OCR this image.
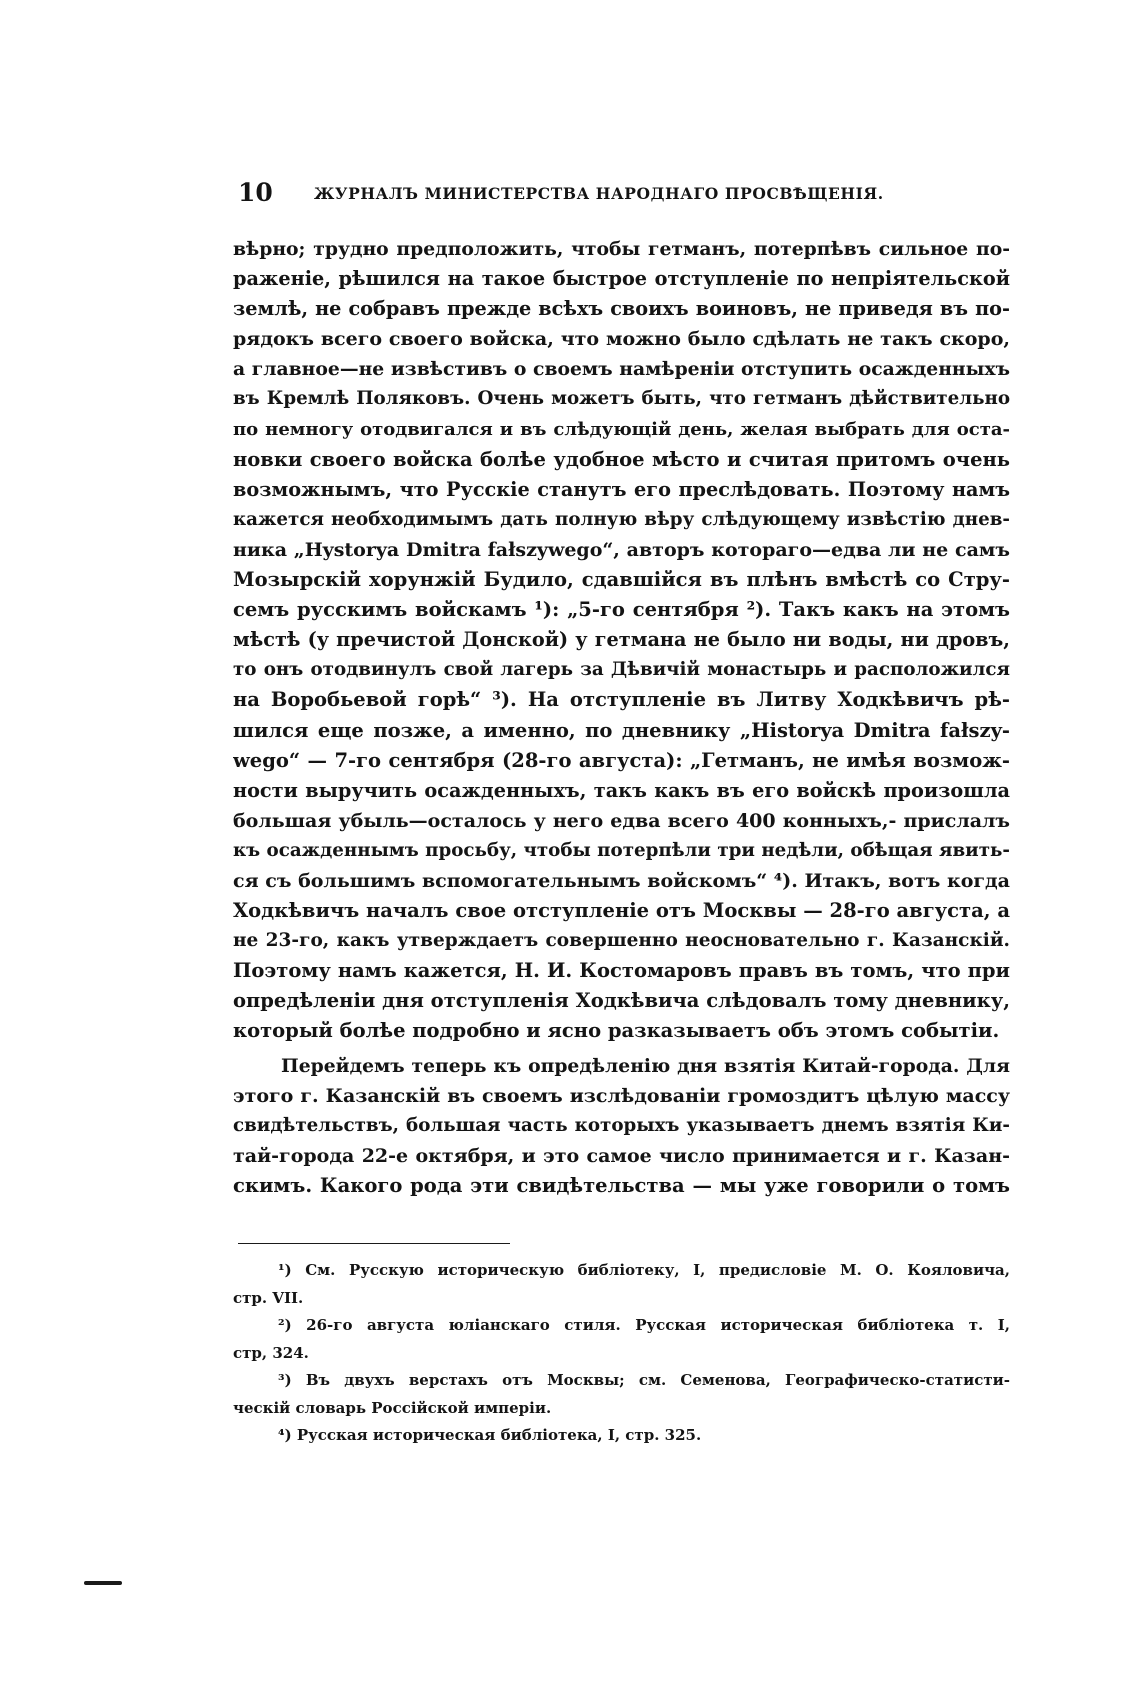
10	ЖУРНАЛЪ МИНИСТЕРСТВА НАРОДНАГО ПРОСВѢЩЕНІЯ.
вѣрно; трудно предположить, чтобы гетманъ, потерпѣвъ сильное по-
раженіе, рѣшился на такое быстрое отступленіе по непріятельской
землѣ, не собравъ прежде всѣхъ своихъ воиновъ, не приведя въ по-
рядокъ всего своего войска, что можно было сдѣлать не такъ скоро,
а главное—не извѣстивъ о своемъ намѣреніи отступить осажденныхъ
въ Кремлѣ Поляковъ. Очень можетъ быть, что гетманъ дѣйствительно
по немногу отодвигался и въ слѣдующій день, желая выбрать для оста-
новки своего войска болѣе удобное мѣсто и считая притомъ очень
возможнымъ, что Русскіе станутъ его преслѣдовать. Поэтому намъ
кажется необходимымъ дать полную вѣру слѣдующему извѣстію днев-
ника „Hystorya Dmitra fałszywego“, авторъ котораго—едва ли не самъ
Мозырскій хорунжій Будило, сдавшійся въ плѣнъ вмѣстѣ со Стру-
семъ русскимъ войскамъ ¹): „5-го сентября ²). Такъ какъ на этомъ
мѣстѣ (у пречистой Донской) у гетмана не было ни воды, ни дровъ,
то онъ отодвинулъ свой лагерь за Дѣвичій монастырь и расположился
на Воробьевой горѣ“ ³). На отступленіе въ Литву Ходкѣвичъ рѣ-
шился еще позже, а именно, по дневнику „Historya Dmitra fałszy-
wego“ — 7-го сентября (28-го августа): „Гетманъ, не имѣя возмож-
ности выручить осажденныхъ, такъ какъ въ его войскѣ произошла
большая убыль—осталось у него едва всего 400 конныхъ,- прислалъ
къ осажденнымъ просьбу, чтобы потерпѣли три недѣли, обѣщая явить-
ся съ большимъ вспомогательнымъ войскомъ“ ⁴). Итакъ, вотъ когда
Ходкѣвичъ началъ свое отступленіе отъ Москвы — 28-го августа, а
не 23-го, какъ утверждаетъ совершенно неосновательно г. Казанскій.
Поэтому намъ кажется, Н. И. Костомаровъ правъ въ томъ, что при
опредѣленіи дня отступленія Ходкѣвича слѣдовалъ тому дневнику,
который болѣе подробно и ясно разказываетъ объ этомъ событіи.
Перейдемъ теперь къ опредѣленію дня взятія Китай-города. Для
этого г. Казанскій въ своемъ изслѣдованіи громоздитъ цѣлую массу
свидѣтельствъ, большая часть которыхъ указываетъ днемъ взятія Ки-
тай-города 22-е октября, и это самое число принимается и г. Казан-
скимъ. Какого рода эти свидѣтельства — мы уже говорили о томъ
¹) См. Русскую историческую библіотеку, I, предисловіе М. О. Кояловича,
стр. VII.
²) 26-го августа юліанскаго стиля. Русская историческая библіотека т. I,
стр, 324.
³) Въ двухъ верстахъ отъ Москвы; см. Семенова, Географическо-статисти-
ческій словарь Россійской имперіи.
⁴) Русская историческая библіотека, I, стр. 325.
